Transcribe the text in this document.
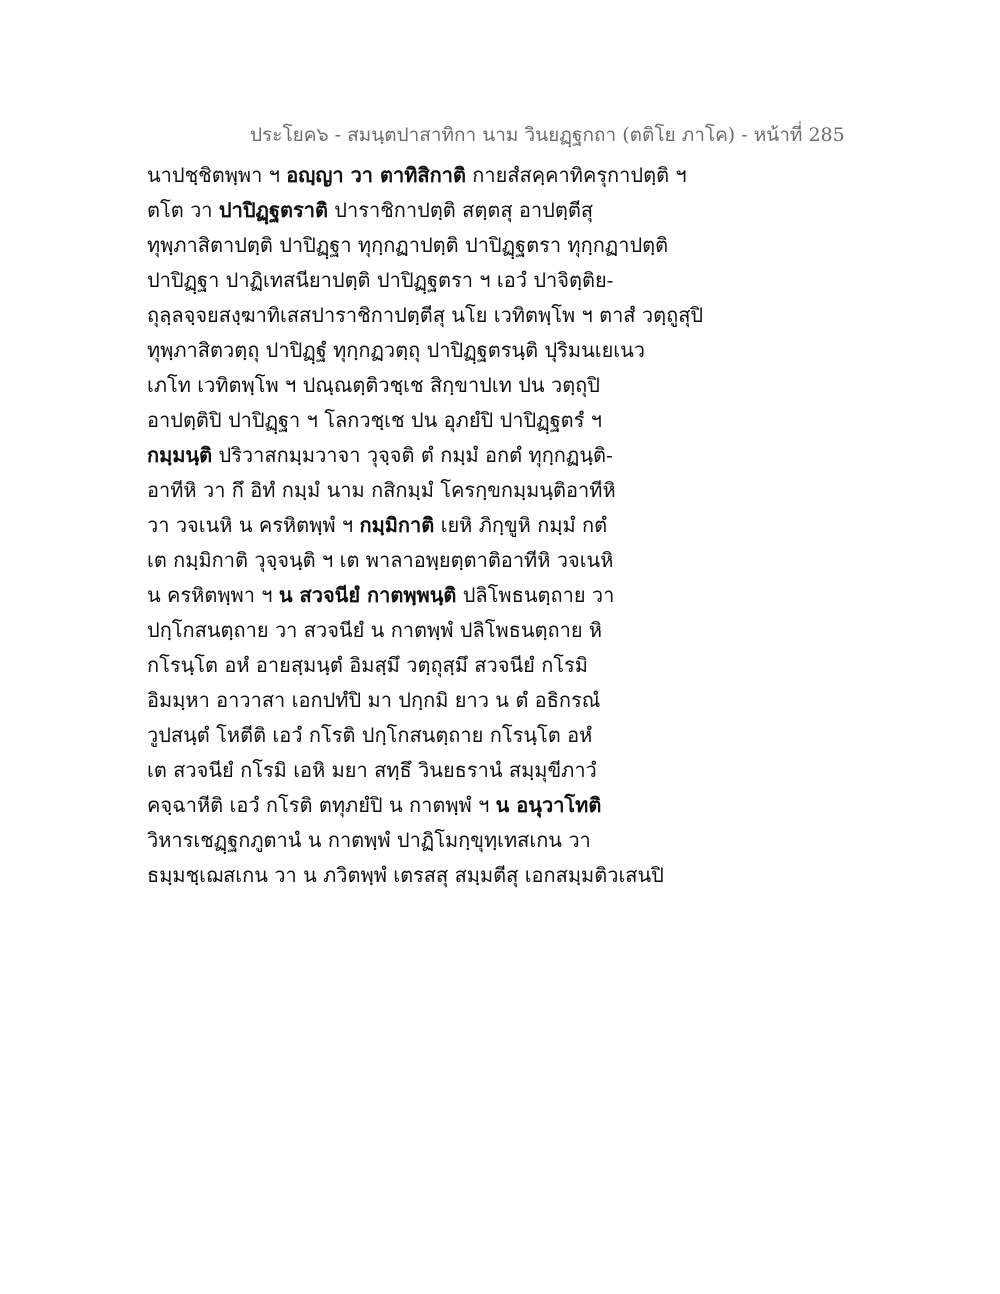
ประโยค๖ - สมนฺตปาสาทิกา นาม วินยฏฺฐกถา (ตติโย ภาโค) - หน้าที่ 285
นาปชฺชิตพฺพา ฯ อญฺญา วา ตาทิสิกาติ กายสํสคฺคาทิครุกาปตฺติ ฯ
ตโต วา ปาปิฏฺฐตราติ ปาราชิกาปตฺติ สตฺตสุ อาปตฺตีสุ
ทุพฺภาสิตาปตฺติ ปาปิฏฺฐา ทุกฺกฏาปตฺติ ปาปิฏฺฐตรา ทุกฺกฏาปตฺติ
ปาปิฏฺฐา ปาฏิเทสนียาปตฺติ ปาปิฏฺฐตรา ฯ เอวํ ปาจิตฺติย-
ถุลฺลจฺจยสงฺฆาทิเสสปาราชิกาปตฺตีสุ นโย เวทิตพฺโพ ฯ ตาสํ วตฺถูสุปิ
ทุพฺภาสิตวตฺถุ ปาปิฏฺฐํ ทุกฺกฏวตฺถุ ปาปิฏฺฐตรนฺติ ปุริมนเยเนว
เภโท เวทิตพฺโพ ฯ ปณฺณตฺติวชฺเช สิกฺขาปเท ปน วตฺถุปิ
อาปตฺติปิ ปาปิฏฺฐา ฯ โลกวชฺเช ปน อุภยํปิ ปาปิฏฺฐตรํ ฯ
กมฺมนฺติ ปริวาสกมฺมวาจา วุจฺจติ ตํ กมฺมํ อกตํ ทุกฺกฏนฺติ-
อาทีหิ วา กึ อิทํ กมฺมํ นาม กสิกมฺมํ โครกฺขกมฺมนฺติอาทีหิ
วา วจเนหิ น ครหิตพฺพํ ฯ กมฺมิกาติ เยหิ ภิกฺขูหิ กมฺมํ กตํ
เต กมฺมิกาติ วุจฺจนฺติ ฯ เต พาลาอพฺยตฺตาติอาทีหิ วจเนหิ
น ครหิตพฺพา ฯ น สวจนียํ กาตพฺพนฺติ ปลิโพธนตฺถาย วา
ปกฺโกสนตฺถาย วา สวจนียํ น กาตพฺพํ ปลิโพธนตฺถาย หิ
กโรนฺโต อหํ อายสฺมนฺตํ อิมสฺมึ วตฺถุสฺมึ สวจนียํ กโรมิ
อิมมฺหา อาวาสา เอกปทํปิ มา ปกฺกมิ ยาว น ตํ อธิกรณํ
วูปสนฺตํ โหตีติ เอวํ กโรติ ปกฺโกสนตฺถาย กโรนฺโต อหํ
เต สวจนียํ กโรมิ เอหิ มยา สทฺธึ วินยธรานํ สมฺมุขีภาวํ
คจฺฉาหีติ เอวํ กโรติ ตทุภยํปิ น กาตพฺพํ ฯ น อนุวาโทติ
วิหารเชฏฺฐกภูตานํ น กาตพฺพํ ปาฏิโมกฺขุทฺเทสเกน วา
ธมฺมชฺเฌสเกน วา น ภวิตพฺพํ เตรสสุ สมฺมตีสุ เอกสมฺมติวเสนปิ
